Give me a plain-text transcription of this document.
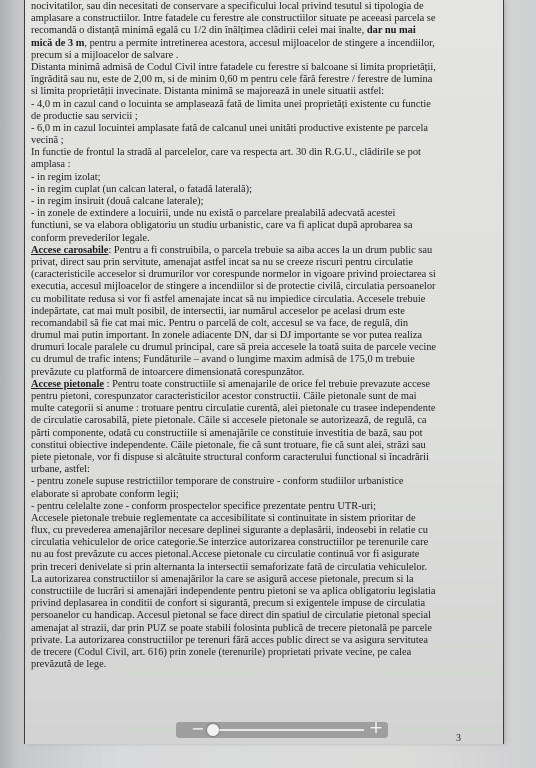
nocivitatilor, sau din necesitati de conservare a specificului local privind tesutul si tipologia de
amplasare a constructiilor. Intre fatadele cu ferestre ale constructiilor situate pe aceeasi parcela se
recomandă o distanță minimă egală cu 1/2 din înălțimea clădirii celei mai înalte, dar nu mai
mică de 3 m, pentru a permite intretinerea acestora, accesul mijloacelor de stingere a incendiilor,
precum si a mijloacelor de salvare .
Distanta minimă admisă de Codul Civil intre fatadele cu ferestre si balcoane si limita proprietății,
îngrădită sau nu, este de 2,00 m, si de minim 0,60 m pentru cele fără ferestre / ferestre de lumina
si limita proprietății invecinate. Distanta minimă se majorează in unele situatii astfel:
- 4,0 m in cazul cand o locuinta se amplasează fată de limita unei proprietăți existente cu functie
de productie sau servicii ;
- 6,0 m in cazul locuintei amplasate fată de calcanul unei unităti productive existente pe parcela
vecină ;
In functie de frontul la stradă al parcelelor, care va respecta art. 30 din R.G.U., clădirile se pot
amplasa :
- in regim izolat;
- in regim cuplat (un calcan lateral, o fatadă laterală);
- in regim insiruit (două calcane laterale);
- in zonele de extindere a locuirii, unde nu există o parcelare prealabilă adecvată acestei
functiuni, se va elabora obligatoriu un studiu urbanistic, care va fi aplicat după aprobarea sa
conform prevederilor legale.
Accese carosabile: Pentru a fi construibila, o parcela trebuie sa aiba acces la un drum public sau
privat, direct sau prin servitute, amenajat astfel incat sa nu se creeze riscuri pentru circulatie
(caracteristicile acceselor si drumurilor vor corespunde normelor in vigoare privind proiectarea si
executia, accesul mijloacelor de stingere a incendiilor si de protectie civilă, circulatia persoanelor
cu mobilitate redusa si vor fi astfel amenajate incat să nu impiedice circulatia. Accesele trebuie
indepărtate, cat mai mult posibil, de intersectii, iar numărul acceselor pe acelasi drum este
recomandabil să fie cat mai mic. Pentru o parcelă de colt, accesul se va face, de regulă, din
drumul mai putin important. In zonele adiacente DN, dar si DJ importante se vor putea realiza
drumuri locale paralele cu drumul principal, care să preia accesele la toată suita de parcele vecine
cu drumul de trafic intens; Fundăturile – avand o lungime maxim admisă de 175,0 m trebuie
prevăzute cu platformă de intoarcere dimensionată corespunzător.
Accese pietonale : Pentru toate constructiile si amenajarile de orice fel trebuie prevazute accese
pentru pietoni, corespunzator caracteristicilor acestor constructii. Căile pietonale sunt de mai
multe categorii si anume : trotuare pentru circulatie curentă, alei pietonale cu trasee independente
de circulatie carosabilă, piete pietonale. Căile si accesele pietonale se autorizează, de regulă, ca
părti componente, odată cu constructiile si amenajările ce constituie investitia de bază, sau pot
constitui obiective independente. Căile pietonale, fie că sunt trotuare, fie că sunt alei, străzi sau
piete pietonale, vor fi dispuse si alcătuite structural conform caracterului functional si încadrării
urbane, astfel:
- pentru zonele supuse restrictiilor temporare de construire - conform studiilor urbanistice
elaborate si aprobate conform legii;
- pentru celelalte zone - conform prospectelor specifice prezentate pentru UTR-uri;
Accesele pietonale trebuie reglementate ca accesibilitate si continuitate in sistem prioritar de
flux, cu prevederea amenajărilor necesare deplinei sigurante a deplasării, indeosebi in relatie cu
circulatia vehiculelor de orice categorie.Se interzice autorizarea constructiilor pe terenurile care
nu au fost prevăzute cu acces pietonal.Accese pietonale cu circulatie continuă vor fi asigurate
prin treceri denivelate si prin alternanta la intersectii semaforizate fată de circulatia vehiculelor.
La autorizarea constructiilor si amenajărilor la care se asigură accese pietonale, precum si la
constructiile de lucrări si amenajări independente pentru pietoni se va aplica obligatoriu legislatia
privind deplasarea in conditii de confort si sigurantă, precum si exigentele impuse de circulatia
persoanelor cu handicap. Accesul pietonal se face direct din spatiul de circulatie pietonal special
amenajat al strazii, dar prin PUZ se poate stabili folosinta publică de trecere pietonală pe parcele
private. La autorizarea constructiilor pe terenuri fără acces public direct se va asigura servitutea
de trecere (Codul Civil, art. 616) prin zonele (terenurile) proprietati private vecine, pe calea
prevăzută de lege.
3
−	+
